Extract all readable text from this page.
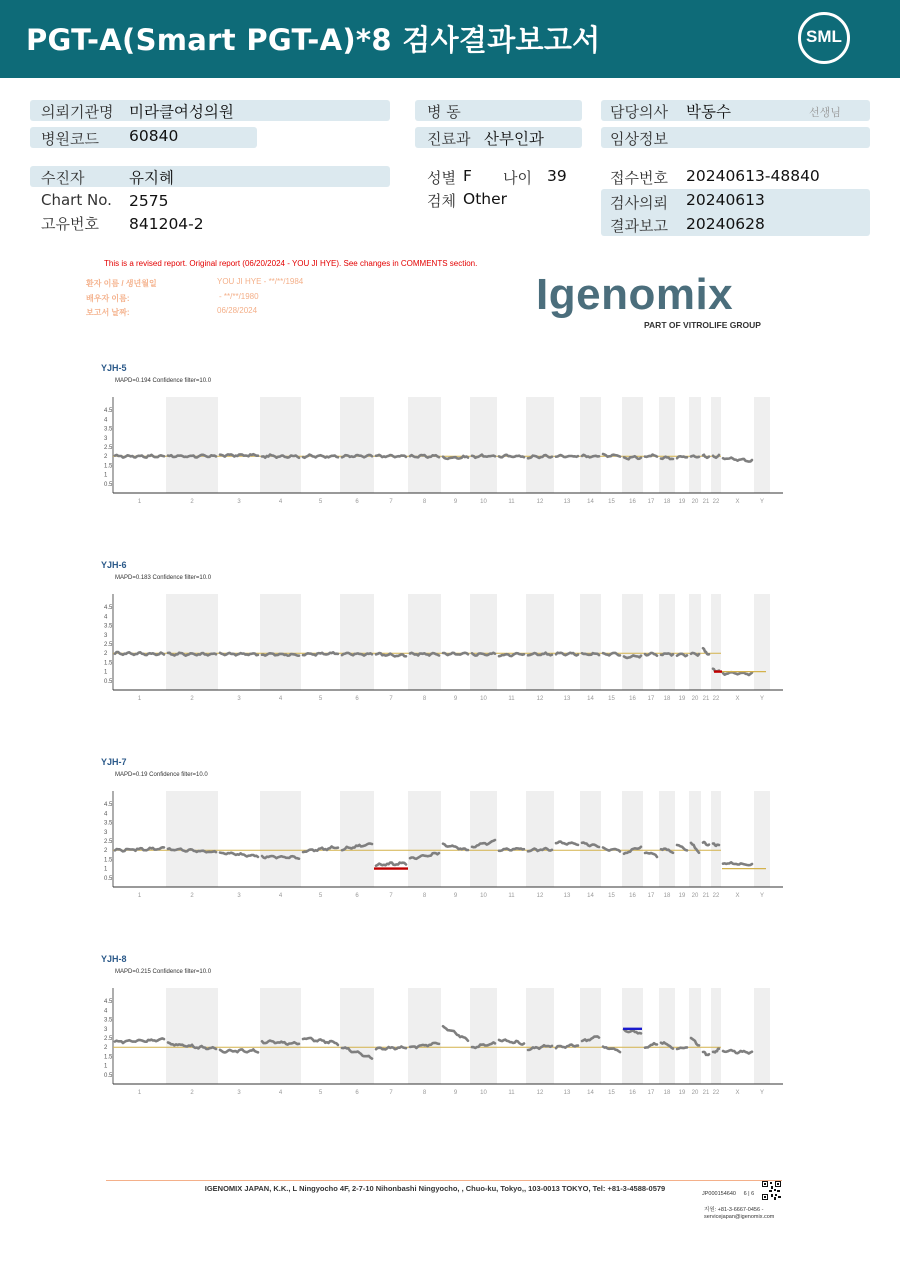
PGT-A(Smart PGT-A)*8 검사결과보고서	SML
의뢰기관명 미라클여성의원
병원코드 60840
병 동
진료과 산부인과
담당의사 박동수	선생님
임상정보
수진자	유지혜
Chart No. 2575
고유번호 841204-2
성별 F 나이 39
검체 Other
접수번호 20240613-48840
검사의뢰 20240613
결과보고 20240628
This is a revised report. Original report (06/20/2024 - YOU JI HYE). See changes in COMMENTS section.
환자 이름 / 생년월일	YOU JI HYE - **/**/1984
배우자 이름:	- **/**/1980
보고서 날짜:	06/28/2024	Igenomix
PART OF VITROLIFE GROUP
YJH-5
MAPD=0.194 Confidence filter=10.0
4.5
4
3.5
3
2.5
2
1.5
1
0.5
1	2	3	4	5	6	7	8	9	10	11	12	13	14 15 16 17 18 19 20 21 22	X	Y
YJH-6
MAPD=0.183 Confidence filter=10.0
4.5
4
3.5
3
2.5
2
1.5
1
0.5
1	2	3	4	5	6	7	8	9	10	11	12	13	14 15 16 17 18 19 20 21 22	X	Y
YJH-7
MAPD=0.19 Confidence filter=10.0
4.5
4
3.5
3
2.5
2
1.5
1
0.5
1	2	3	4	5	6	7	8	9	10	11	12	13	14 15 16 17 18 19 20 21 22	X	Y
YJH-8
MAPD=0.215 Confidence filter=10.0
4.5
4
3.5
3
2.5
2
1.5
1
0.5
1	2	3	4	5	6	7	8	9	10	11	12	13	14 15 16 17 18 19 20 21 22	X	Y
IGENOMIX JAPAN, K.K., L Ningyocho 4F, 2-7-10 Nihonbashi Ningyocho, , Chuo-ku, Tokyo,, 103-0013 TOKYO, Tel: +81-3-4588-0579
JP000154640 6 | 6
지원: +81-3-6667-0456 -
servicejapan@igenomix.com
